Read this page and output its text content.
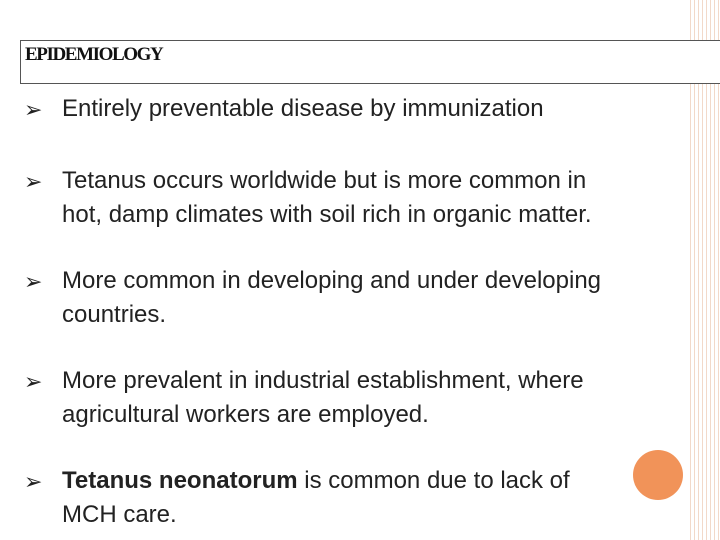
EPIDEMIOLOGY
➢ Entirely preventable disease by immunization
➢ Tetanus occurs worldwide but is more common in
hot, damp climates with soil rich in organic matter.
➢ More common in developing and under developing
countries.
➢ More prevalent in industrial establishment, where
agricultural workers are employed.
➢ Tetanus neonatorum is common due to lack of
MCH care.
